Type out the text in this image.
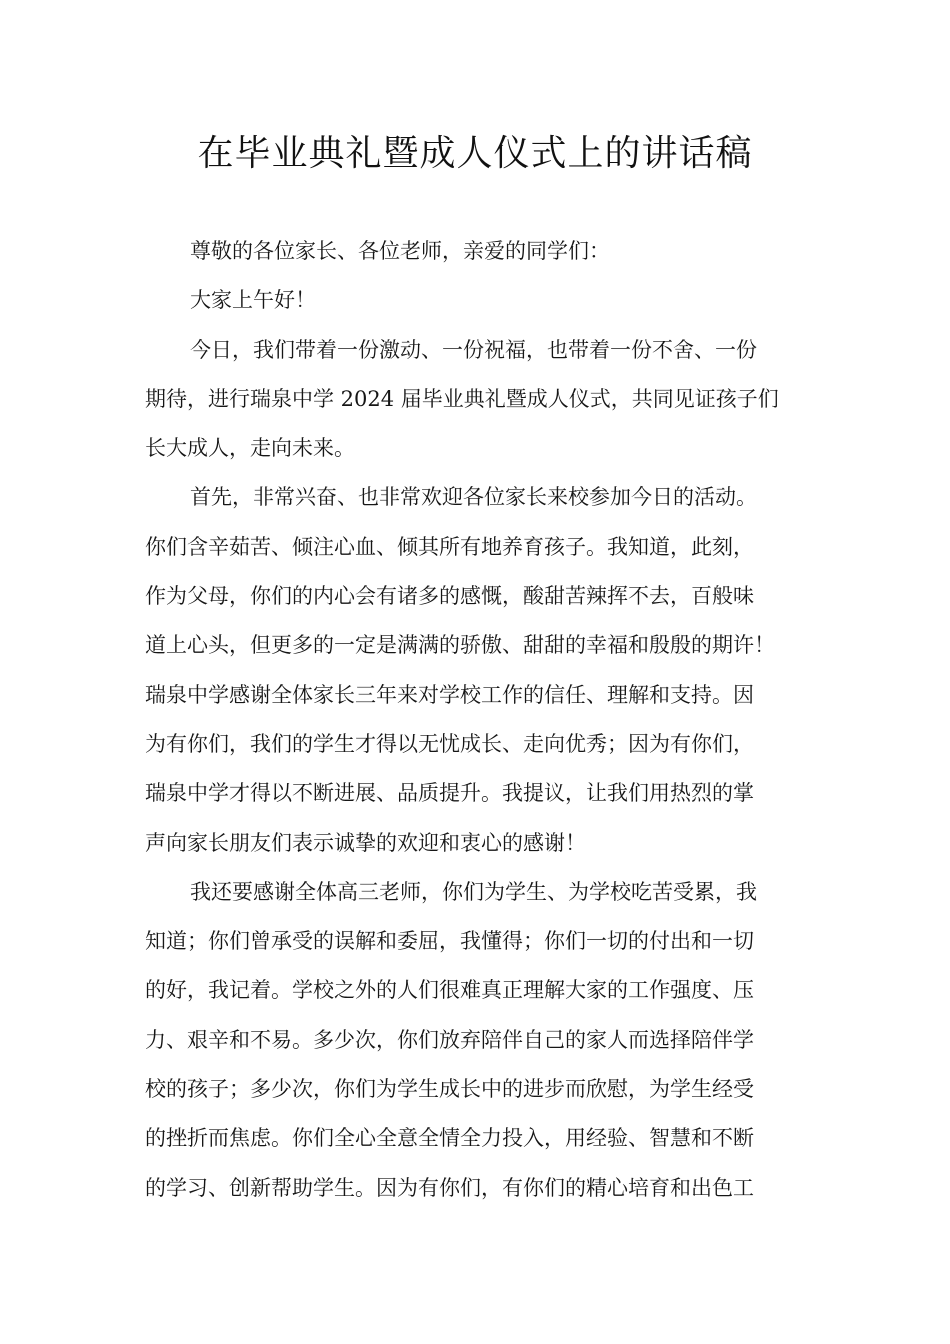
在毕业典礼暨成人仪式上的讲话稿
尊敬的各位家长、各位老师，亲爱的同学们：
大家上午好！
今日，我们带着一份激动、一份祝福，也带着一份不舍、一份
期待，进行瑞泉中学 2024 届毕业典礼暨成人仪式，共同见证孩子们
长大成人，走向未来。
首先，非常兴奋、也非常欢迎各位家长来校参加今日的活动。
你们含辛茹苦、倾注心血、倾其所有地养育孩子。我知道，此刻，
作为父母，你们的内心会有诸多的感慨，酸甜苦辣挥不去，百般味
道上心头，但更多的一定是满满的骄傲、甜甜的幸福和殷殷的期许！
瑞泉中学感谢全体家长三年来对学校工作的信任、理解和支持。因
为有你们，我们的学生才得以无忧成长、走向优秀；因为有你们，
瑞泉中学才得以不断进展、品质提升。我提议，让我们用热烈的掌
声向家长朋友们表示诚挚的欢迎和衷心的感谢！
我还要感谢全体高三老师，你们为学生、为学校吃苦受累，我
知道；你们曾承受的误解和委屈，我懂得；你们一切的付出和一切
的好，我记着。学校之外的人们很难真正理解大家的工作强度、压
力、艰辛和不易。多少次，你们放弃陪伴自己的家人而选择陪伴学
校的孩子；多少次，你们为学生成长中的进步而欣慰，为学生经受
的挫折而焦虑。你们全心全意全情全力投入，用经验、智慧和不断
的学习、创新帮助学生。因为有你们，有你们的精心培育和出色工
